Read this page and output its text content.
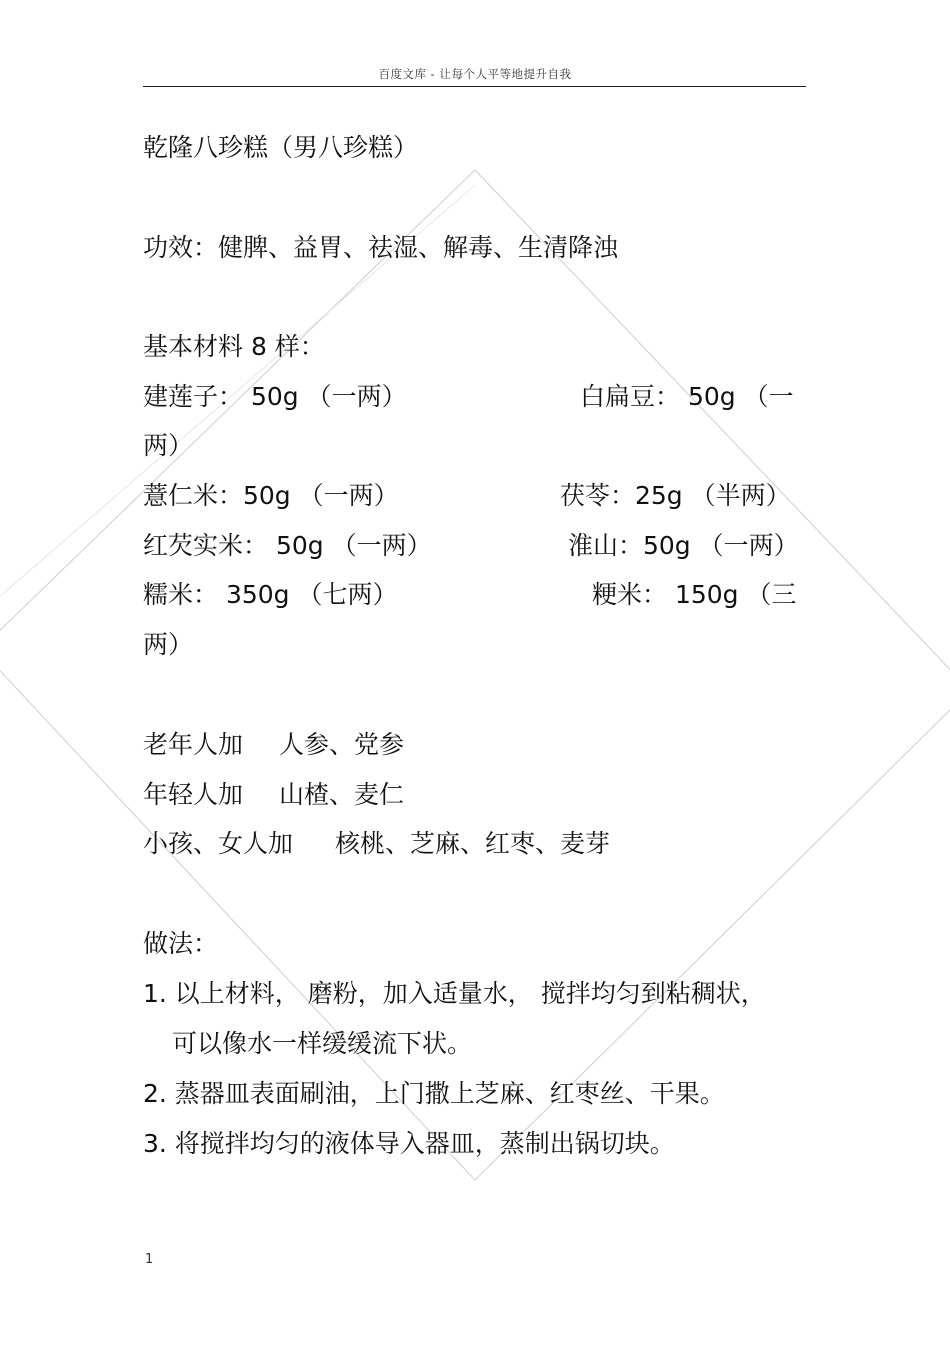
百度文库 - 让每个人平等地提升自我
乾隆八珍糕（男八珍糕）
功效：健脾、益胃、祛湿、解毒、生清降浊
基本材料 8 样：
建莲子： 50g （一两）	白扁豆： 50g （一
两）
薏仁米：50g （一两）	茯苓：25g （半两）
红芡实米： 50g （一两）	淮山：50g （一两）
糯米： 350g （七两）	粳米： 150g （三
两）
老年人加 人参、党参
年轻人加 山楂、麦仁
小孩、女人加 核桃、芝麻、红枣、麦芽
做法：
1. 以上材料， 磨粉，加入适量水， 搅拌均匀到粘稠状，
可以像水一样缓缓流下状。
2. 蒸器皿表面刷油，上门撒上芝麻、红枣丝、干果。
3. 将搅拌均匀的液体导入器皿，蒸制出锅切块。
1
